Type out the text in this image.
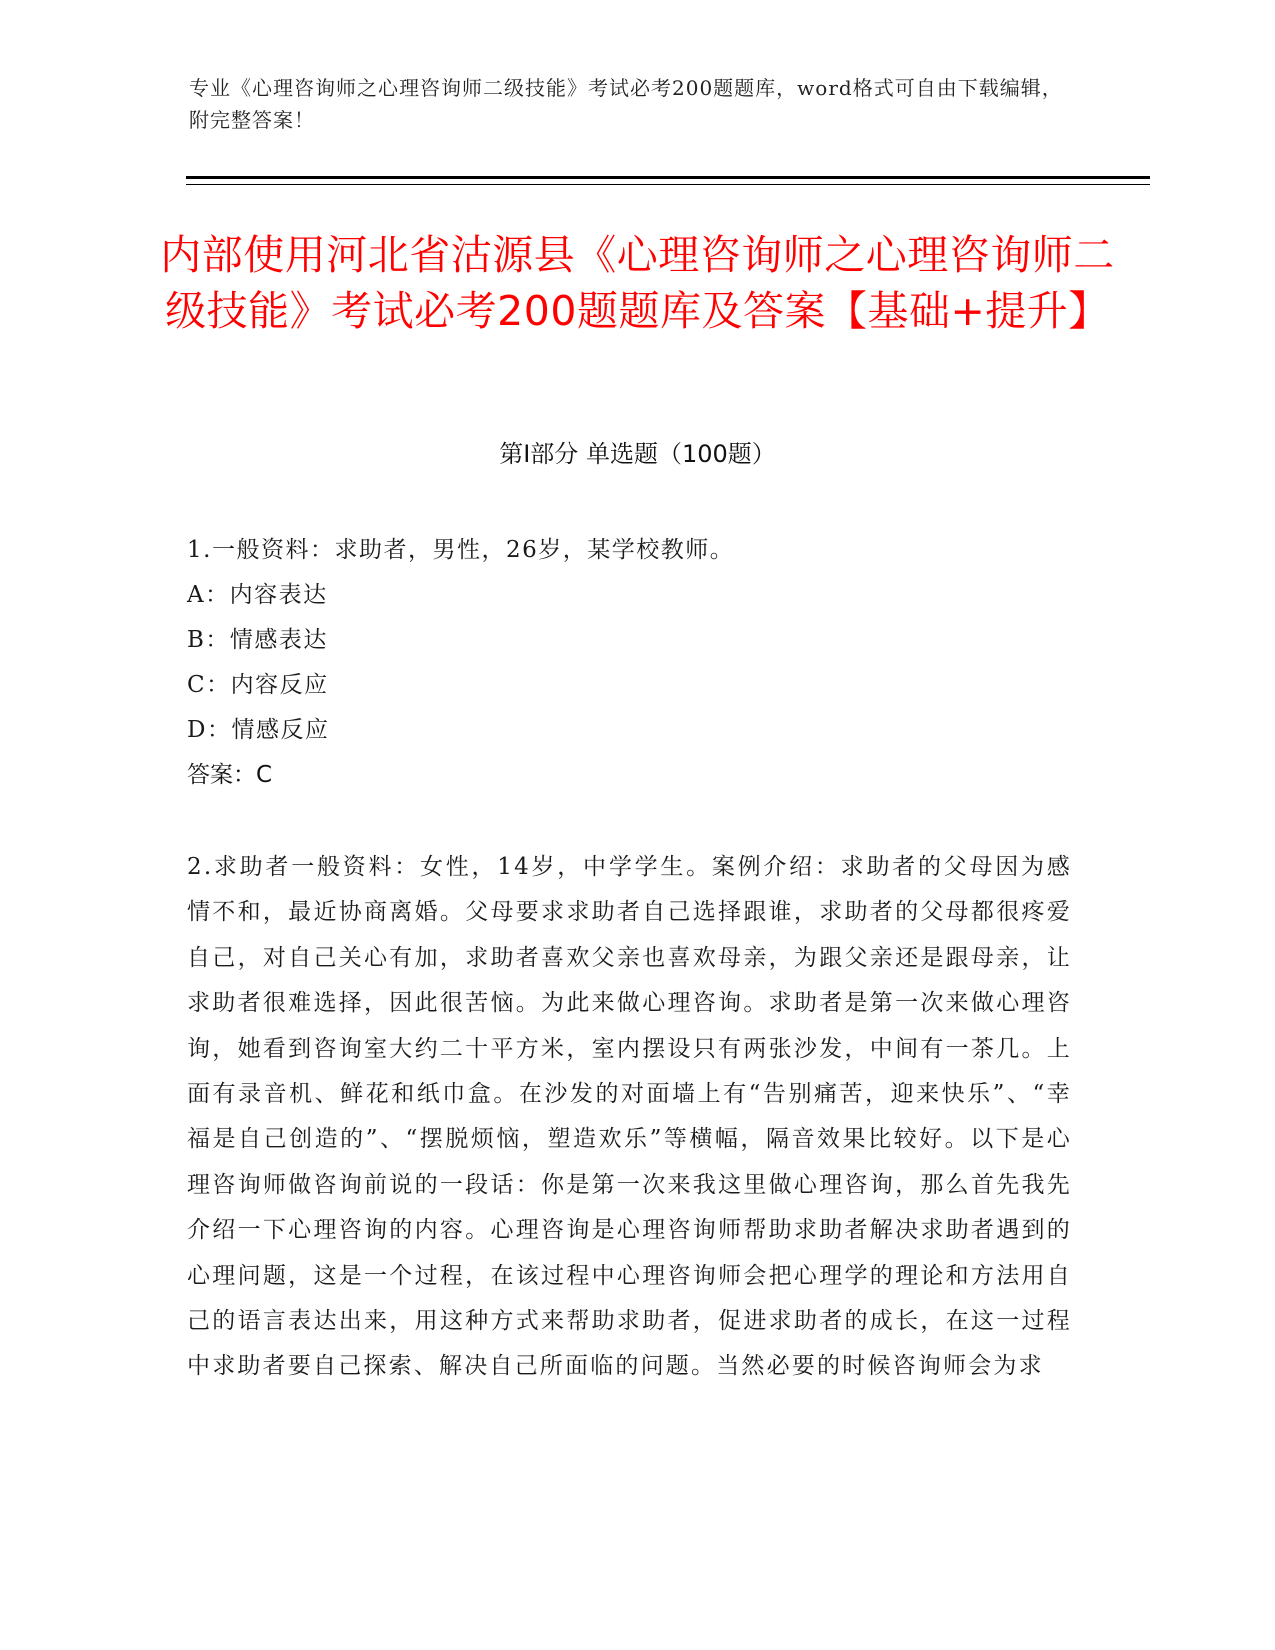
专业《心理咨询师之心理咨询师二级技能》考试必考200题题库，word格式可自由下载编辑，附完整答案！
内部使用河北省沽源县《心理咨询师之心理咨询师二级技能》考试必考200题题库及答案【基础+提升】
第Ⅰ部分 单选题（100题）
1.一般资料：求助者，男性，26岁，某学校教师。
A：内容表达
B：情感表达
C：内容反应
D：情感反应
答案：C
2.求助者一般资料：女性，14岁，中学学生。案例介绍：求助者的父母因为感情不和，最近协商离婚。父母要求求助者自己选择跟谁，求助者的父母都很疼爱自己，对自己关心有加，求助者喜欢父亲也喜欢母亲，为跟父亲还是跟母亲，让求助者很难选择，因此很苦恼。为此来做心理咨询。求助者是第一次来做心理咨询，她看到咨询室大约二十平方米，室内摆设只有两张沙发，中间有一茶几。上面有录音机、鲜花和纸巾盒。在沙发的对面墙上有“告别痛苦，迎来快乐”、“幸福是自己创造的”、“摆脱烦恼，塑造欢乐”等横幅，隔音效果比较好。以下是心理咨询师做咨询前说的一段话：你是第一次来我这里做心理咨询，那么首先我先介绍一下心理咨询的内容。心理咨询是心理咨询师帮助求助者解决求助者遇到的心理问题，这是一个过程，在该过程中心理咨询师会把心理学的理论和方法用自己的语言表达出来，用这种方式来帮助求助者，促进求助者的成长，在这一过程中求助者要自己探索、解决自己所面临的问题。当然必要的时候咨询师会为求
